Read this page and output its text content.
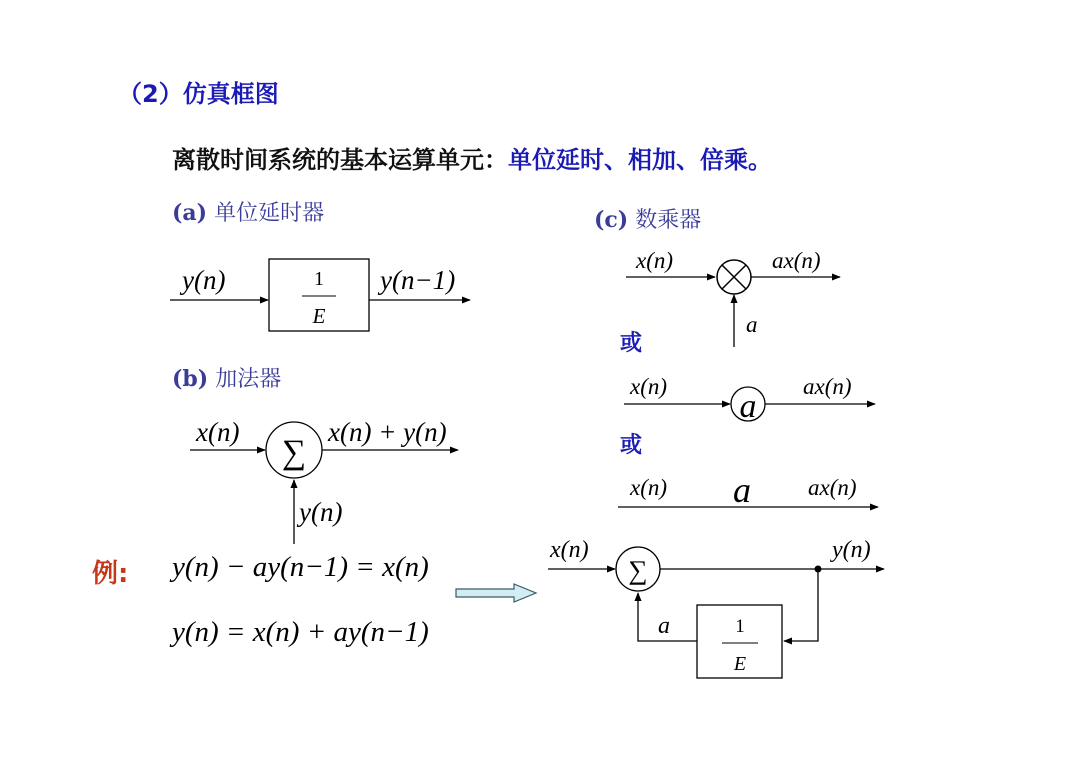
（2）仿真框图
离散时间系统的基本运算单元：单位延时、相加、倍乘。
(a) 单位延时器
(b) 加法器
(c) 数乘器
或
或
例: y(n) − ay(n−1) = x(n)
y(n) = x(n) + ay(n−1)
1
E
y(n)	y(n−1)
∑
x(n)	x(n) + y(n)
y(n)
x(n)	ax(n)
a
a
x(n)	ax(n)
x(n) a ax(n)
∑
1
E
x(n)	y(n)
a
